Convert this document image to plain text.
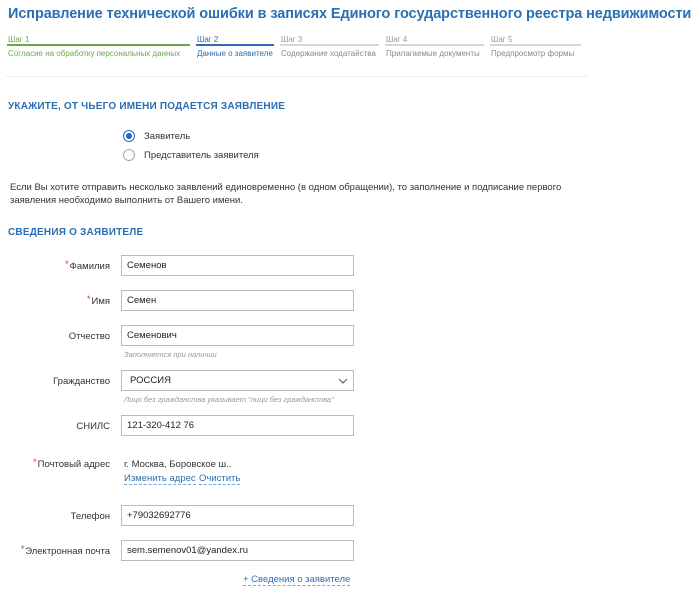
Исправление технической ошибки в записях Единого государственного реестра недвижимости
Шаг 1
Согласие на обработку персональных данных
Шаг 2
Данные о заявителе
Шаг 3
Содержание ходатайства
Шаг 4
Прилагаемые документы
Шаг 5
Предпросмотр формы
УКАЖИТЕ, ОТ ЧЬЕГО ИМЕНИ ПОДАЕТСЯ ЗАЯВЛЕНИЕ
Заявитель
Представитель заявителя
Если Вы хотите отправить несколько заявлений единовременно (в одном обращении), то заполнение и подписание первого заявления необходимо выполнить от Вашего имени.
СВЕДЕНИЯ О ЗАЯВИТЕЛЕ
*Фамилия	Семенов
*Имя	Семен
Отчество	Семенович
Заполняется при наличии
Гражданство РОССИЯ
Лицо без гражданства указывает "лицо без гражданства"
СНИЛС	121-320-412 76
*Почтовый адрес г. Москва, Боровское ш..
Изменить адрес Очистить
Телефон	+79032692776
*Электронная почта	sem.semenov01@yandex.ru
+ Сведения о заявителе
